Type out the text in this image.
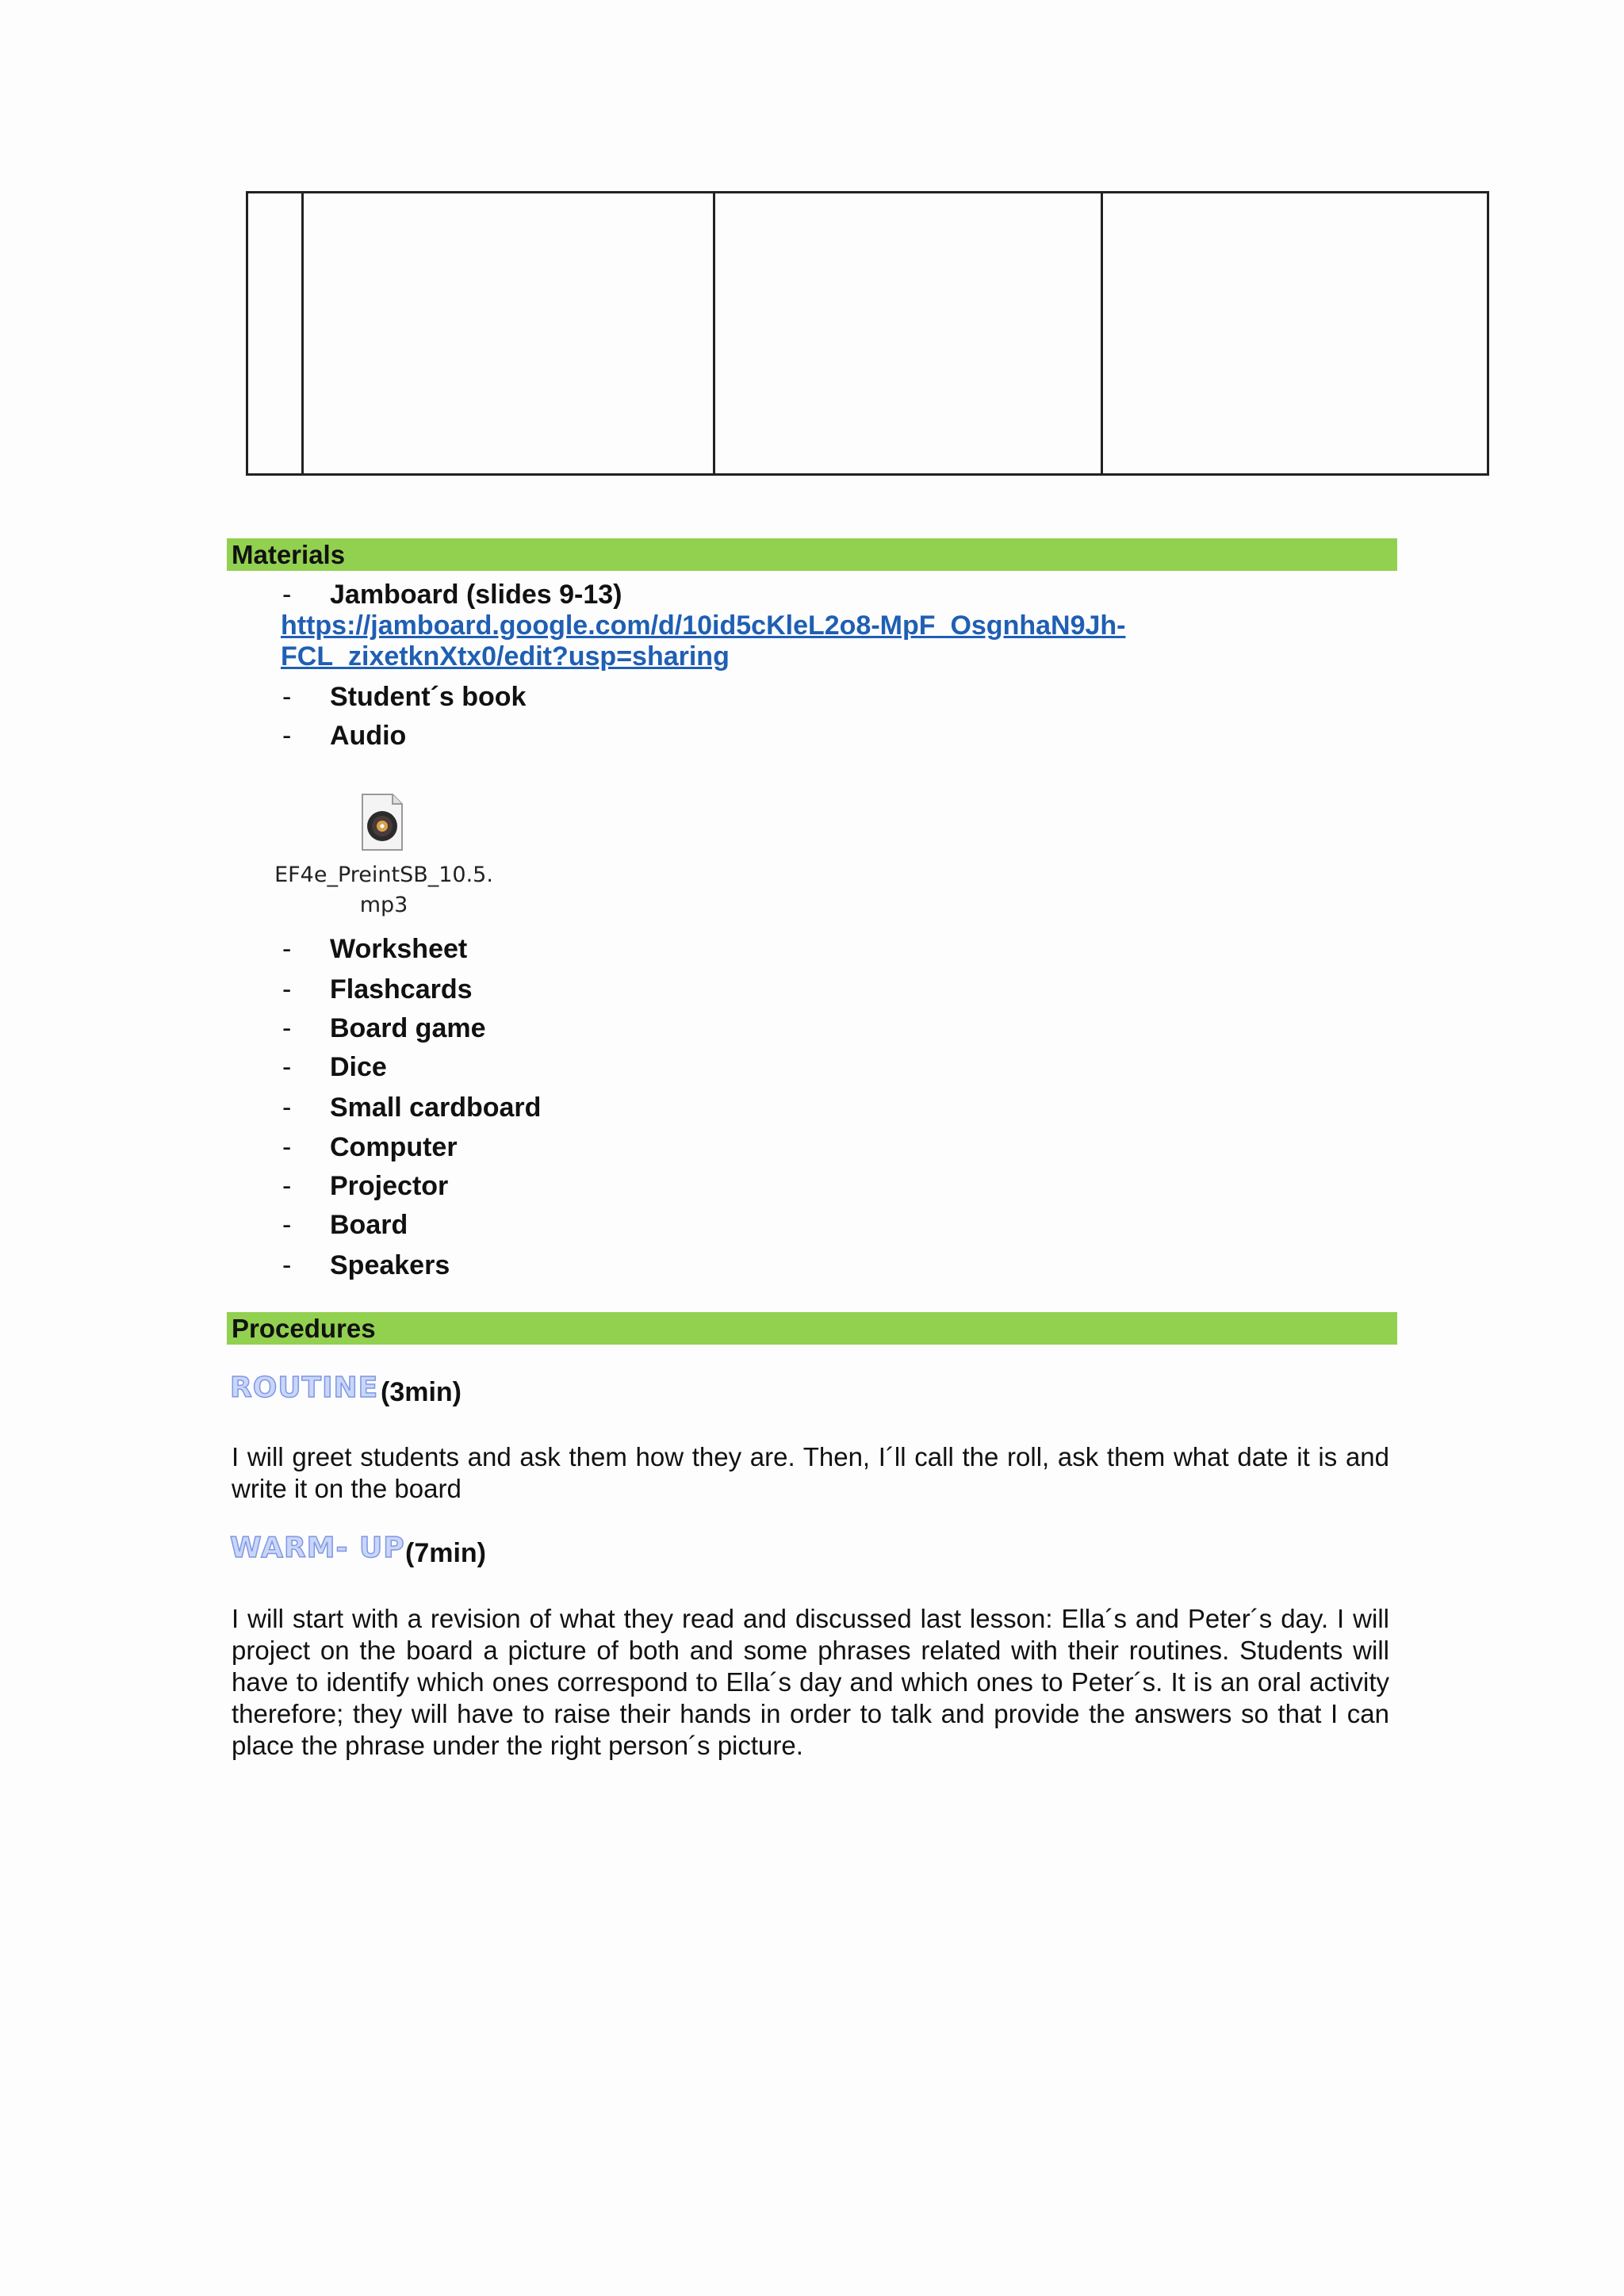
Materials
- Jamboard (slides 9-13)
https://jamboard.google.com/d/10id5cKleL2o8-MpF_OsgnhaN9Jh-
FCL_zixetknXtx0/edit?usp=sharing
- Student´s book
- Audio
EF4e_PreintSB_10.5.
mp3
- Worksheet
- Flashcards
- Board game
- Dice
- Small cardboard
- Computer
- Projector
- Board
- Speakers
Procedures
ROUTINE (3min)
I will greet students and ask them how they are. Then, I´ll call the roll, ask them what date it is and write it on the board
WARM- UP (7min)
I will start with a revision of what they read and discussed last lesson: Ella´s and Peter´s day. I will project on the board a picture of both and some phrases related with their routines. Students will have to identify which ones correspond to Ella´s day and which ones to Peter´s. It is an oral activity therefore; they will have to raise their hands in order to talk and provide the answers so that I can place the phrase under the right person´s picture.
